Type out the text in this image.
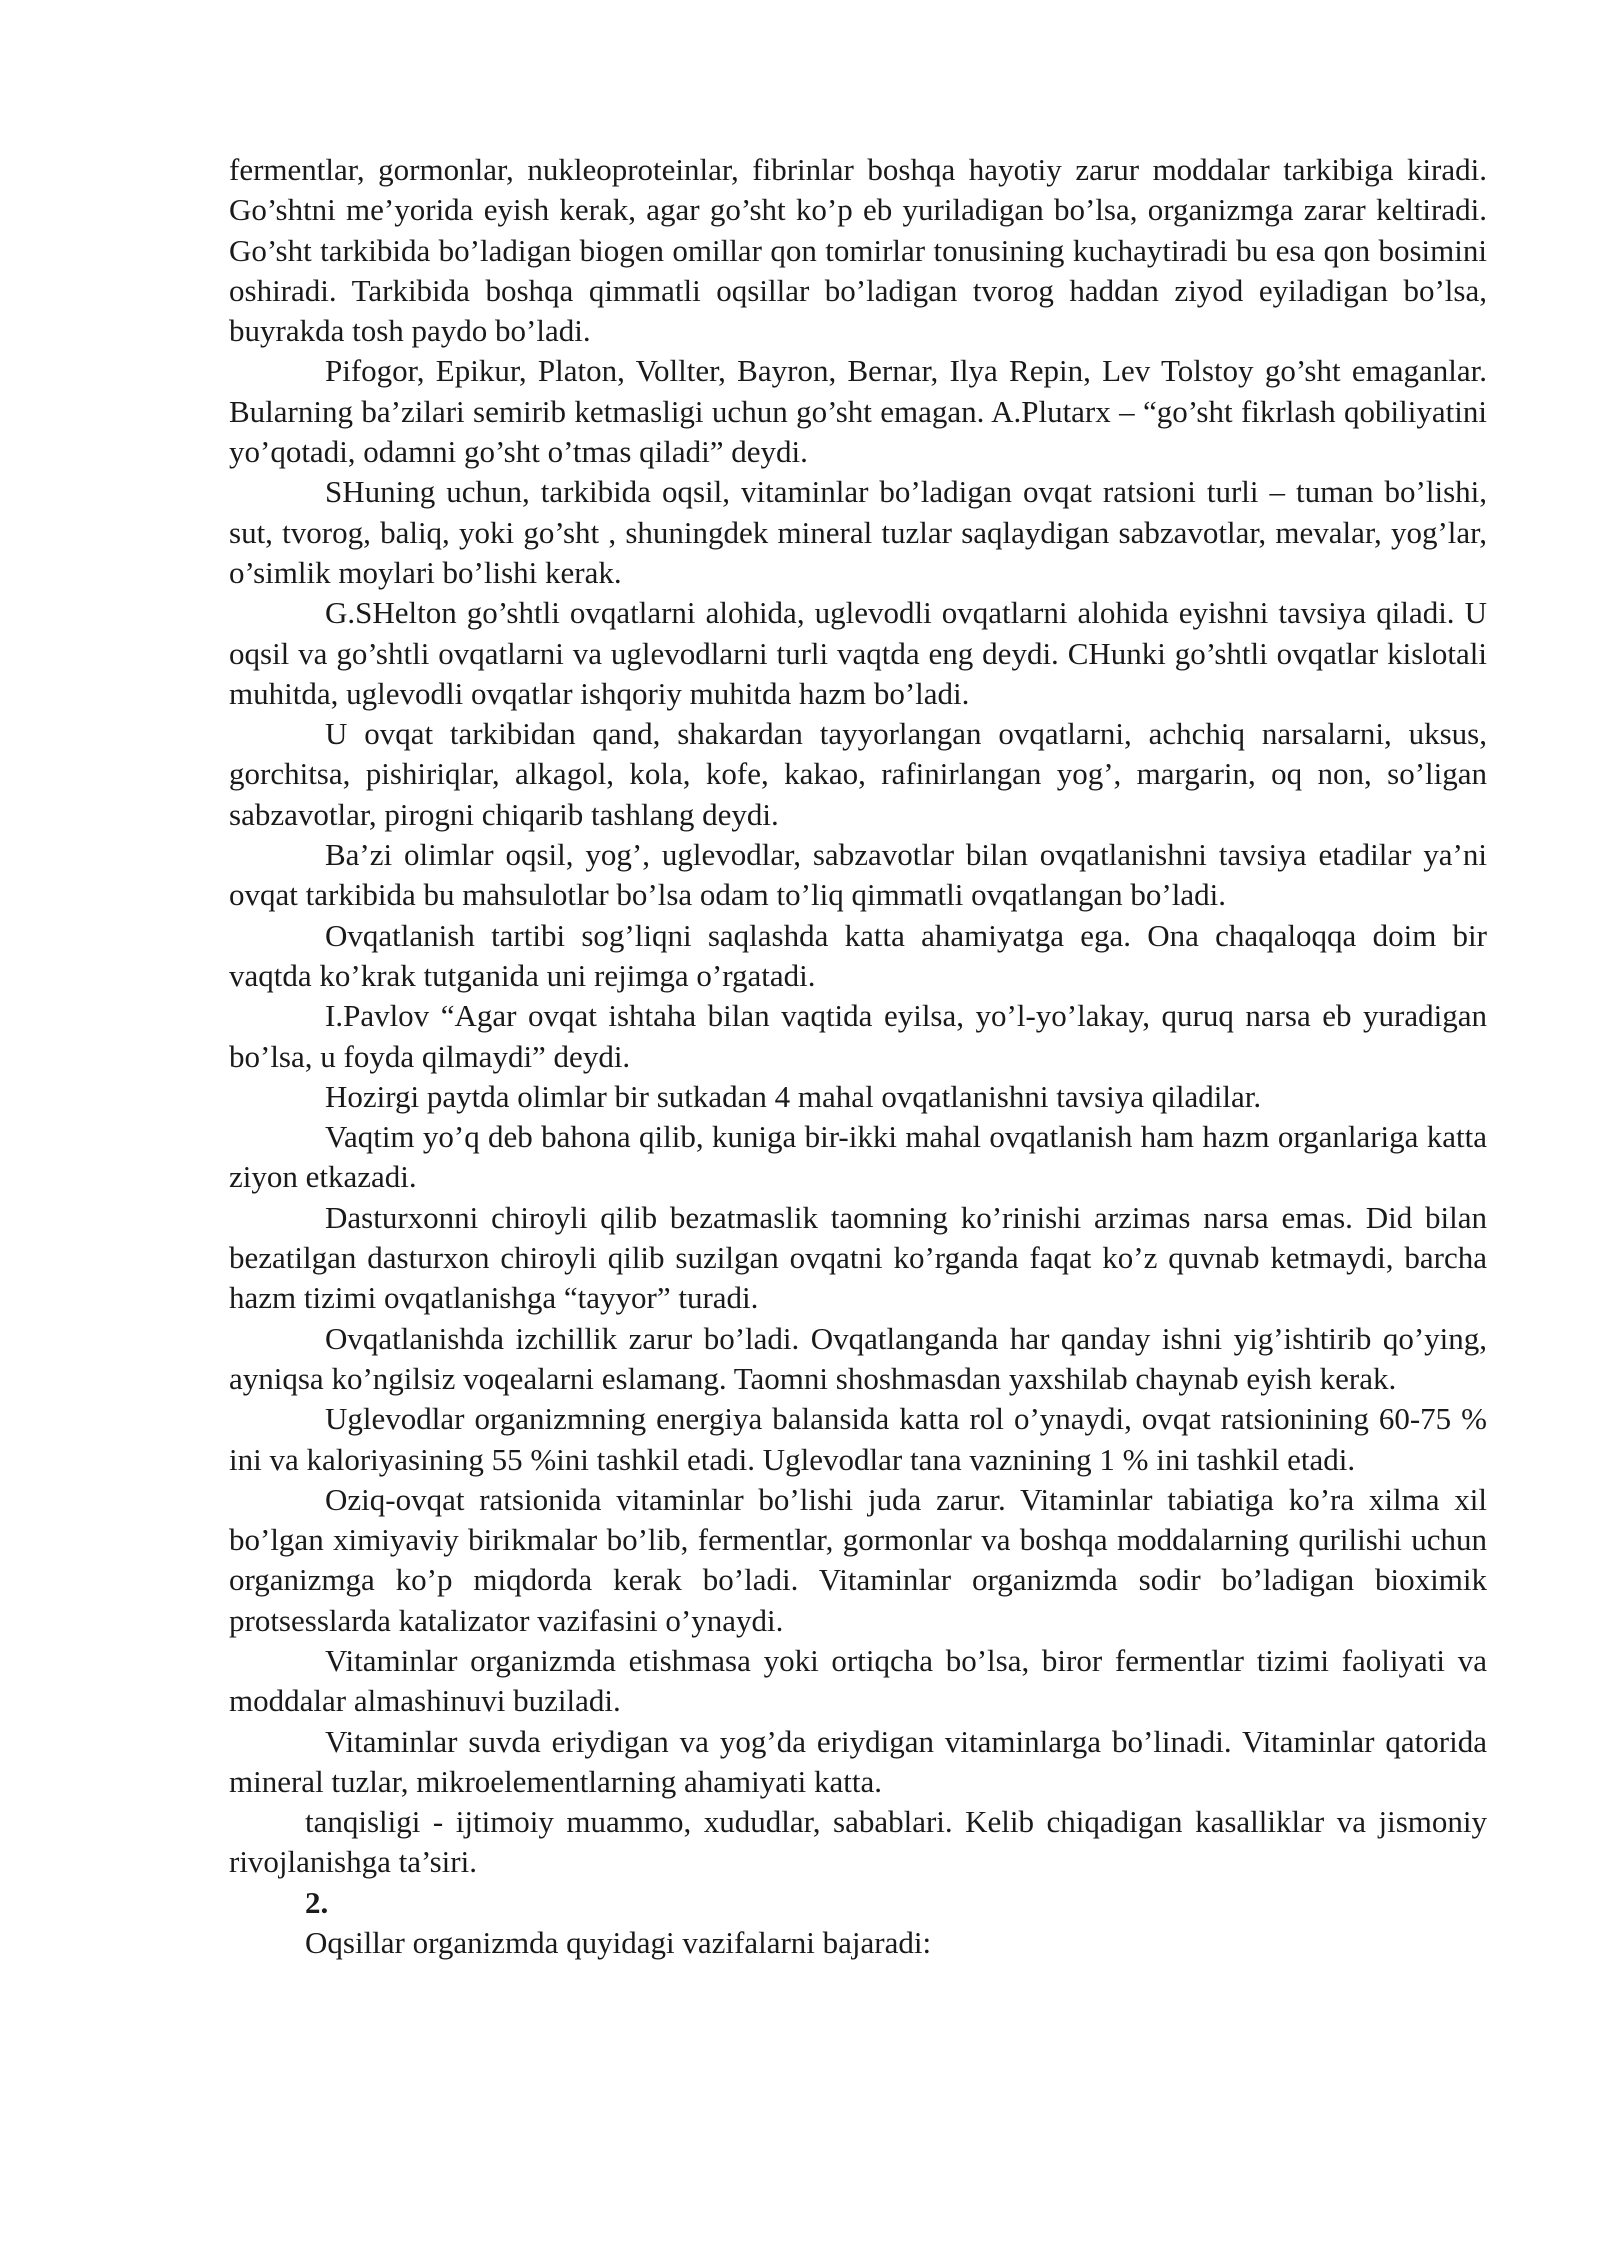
fermentlar, gormonlar, nukleoproteinlar, fibrinlar boshqa hayotiy zarur moddalar tarkibiga kiradi. Go’shtni me’yorida eyish kerak, agar go’sht ko’p eb yuriladigan bo’lsa, organizmga zarar keltiradi. Go’sht tarkibida bo’ladigan biogen omillar qon tomirlar tonusining kuchaytiradi bu esa qon bosimini oshiradi. Tarkibida boshqa qimmatli oqsillar bo’ladigan tvorog haddan ziyod eyiladigan bo’lsa, buyrakda tosh paydo bo’ladi.

Pifogor, Epikur, Platon, Vollter, Bayron, Bernar, Ilya Repin, Lev Tolstoy go’sht emaganlar. Bularning ba’zilari semirib ketmasligi uchun go’sht emagan. A.Plutarx – “go’sht fikrlash qobiliyatini yo’qotadi, odamni go’sht o’tmas qiladi” deydi.

SHuning uchun, tarkibida oqsil, vitaminlar bo’ladigan ovqat ratsioni turli – tuman bo’lishi, sut, tvorog, baliq, yoki go’sht , shuningdek mineral tuzlar saqlaydigan sabzavotlar, mevalar, yog’lar, o’simlik moylari bo’lishi kerak.

G.SHelton go’shtli ovqatlarni alohida, uglevodli ovqatlarni alohida eyishni tavsiya qiladi. U oqsil va go’shtli ovqatlarni va uglevodlarni turli vaqtda eng deydi. CHunki go’shtli ovqatlar kislotali muhitda, uglevodli ovqatlar ishqoriy muhitda hazm bo’ladi.

U ovqat tarkibidan qand, shakardan tayyorlangan ovqatlarni, achchiq narsalarni, uksus, gorchitsa, pishiriqlar, alkagol, kola, kofe, kakao, rafinirlangan yog’, margarin, oq non, so’ligan sabzavotlar, pirogni chiqarib tashlang deydi.

Ba’zi olimlar oqsil, yog’, uglevodlar, sabzavotlar bilan ovqatlanishni tavsiya etadilar ya’ni ovqat tarkibida bu mahsulotlar bo’lsa odam to’liq qimmatli ovqatlangan bo’ladi.

Ovqatlanish tartibi sog’liqni saqlashda katta ahamiyatga ega. Ona chaqaloqqa doim bir vaqtda ko’krak tutganida uni rejimga o’rgatadi.

I.Pavlov “Agar ovqat ishtaha bilan vaqtida eyilsa, yo’l-yo’lakay, quruq narsa eb yuradigan bo’lsa, u foyda qilmaydi” deydi.

Hozirgi paytda olimlar bir sutkadan 4 mahal ovqatlanishni tavsiya qiladilar.

Vaqtim yo’q deb bahona qilib, kuniga bir-ikki mahal ovqatlanish ham hazm organlariga katta ziyon etkazadi.

Dasturxonni chiroyli qilib bezatmaslik taomning ko’rinishi arzimas narsa emas. Did bilan bezatilgan dasturxon chiroyli qilib suzilgan ovqatni ko’rganda faqat ko’z quvnab ketmaydi, barcha hazm tizimi ovqatlanishga “tayyor” turadi.

Ovqatlanishda izchillik zarur bo’ladi. Ovqatlanganda har qanday ishni yig’ishtirib qo’ying, ayniqsa ko’ngilsiz voqealarni eslamang. Taomni shoshmasdan yaxshilab chaynab eyish kerak.

Uglevodlar organizmning energiya balansida katta rol o’ynaydi, ovqat ratsionining 60-75 % ini va kaloriyasining 55 %ini tashkil etadi. Uglevodlar tana vaznining 1 % ini tashkil etadi.

Oziq-ovqat ratsionida vitaminlar bo’lishi juda zarur. Vitaminlar tabiatiga ko’ra xilma xil bo’lgan ximiyaviy birikmalar bo’lib, fermentlar, gormonlar va boshqa moddalarning qurilishi uchun organizmga ko’p miqdorda kerak bo’ladi. Vitaminlar organizmda sodir bo’ladigan bioximik protsesslarda katalizator vazifasini o’ynaydi.

Vitaminlar organizmda etishmasa yoki ortiqcha bo’lsa, biror fermentlar tizimi faoliyati va moddalar almashinuvi buziladi.

Vitaminlar suvda eriydigan va yog’da eriydigan vitaminlarga bo’linadi. Vitaminlar qatorida mineral tuzlar, mikroelementlarning ahamiyati katta.

tanqisligi - ijtimoiy muammo, xududlar, sabablari. Kelib chiqadigan kasalliklar va jismoniy rivojlanishga ta’siri.

2.

Oqsillar organizmda quyidagi vazifalarni bajaradi:
